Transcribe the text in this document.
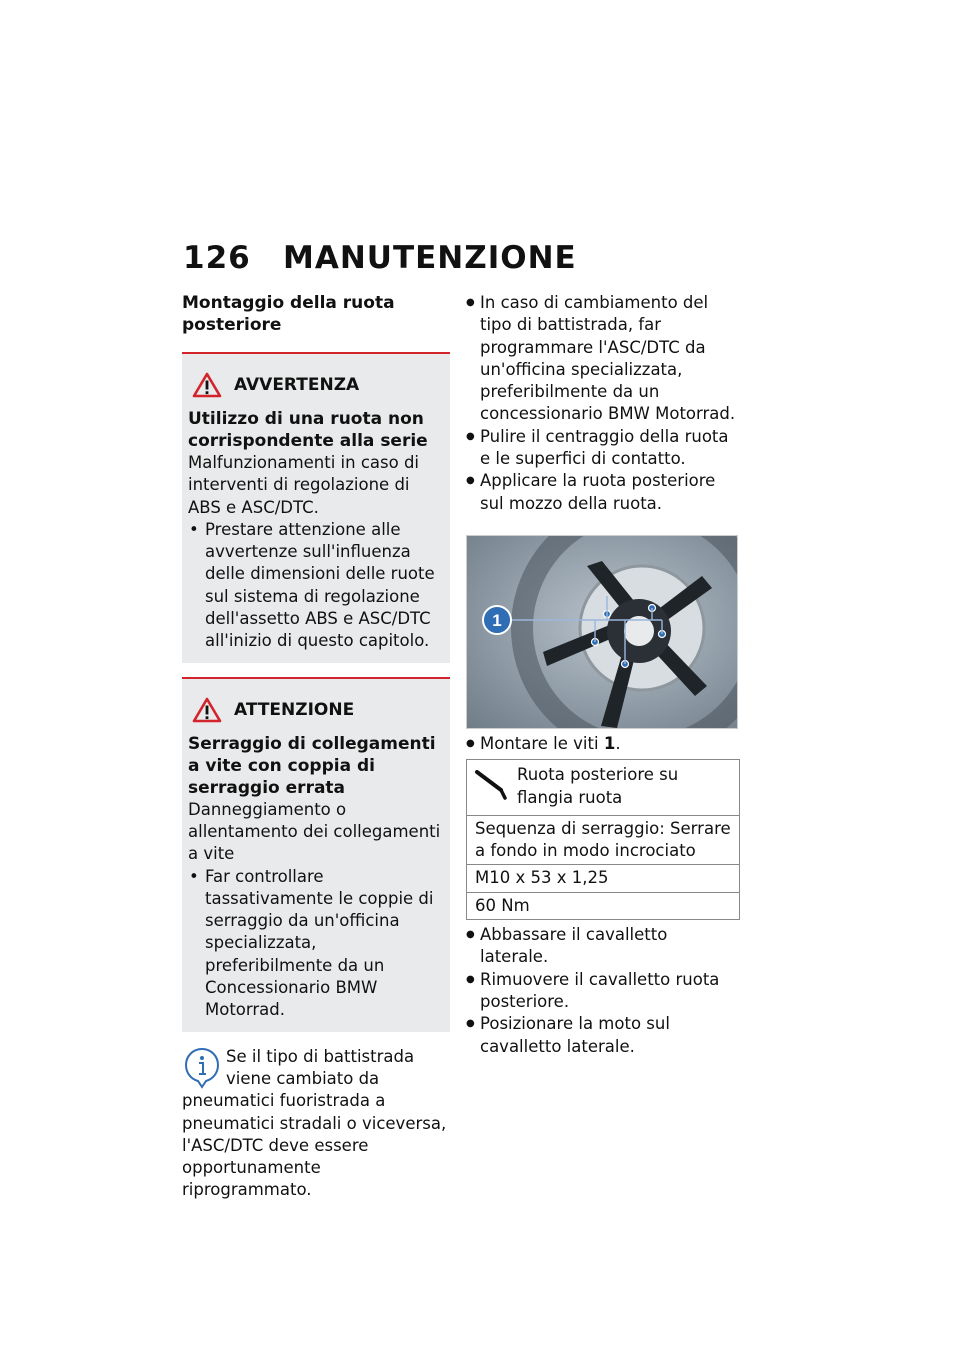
126 MANUTENZIONE
Montaggio della ruota posteriore
AVVERTENZA
Utilizzo di una ruota non corrispondente alla serie
Malfunzionamenti in caso di interventi di regolazione di ABS e ASC/DTC.
• Prestare attenzione alle avvertenze sull'influenza delle dimensioni delle ruote sul sistema di regolazione dell'assetto ABS e ASC/DTC all'inizio di questo capitolo.
ATTENZIONE
Serraggio di collegamenti a vite con coppia di serraggio errata
Danneggiamento o allentamento dei collegamenti a vite
• Far controllare tassativamente le coppie di serraggio da un'officina specializzata, preferibilmente da un Concessionario BMW Motorrad.
Se il tipo di battistrada viene cambiato da pneumatici fuoristrada a pneumatici stradali o viceversa, l'ASC/DTC deve essere opportunamente riprogrammato.
● In caso di cambiamento del tipo di battistrada, far programmare l'ASC/DTC da un'officina specializzata, preferibilmente da un concessionario BMW Motorrad.
● Pulire il centraggio della ruota e le superfici di contatto.
● Applicare la ruota posteriore sul mozzo della ruota.
1
● Montare le viti 1.
Ruota posteriore su flangia ruota
Sequenza di serraggio: Serrare a fondo in modo incrociato
M10 x 53 x 1,25
60 Nm
● Abbassare il cavalletto laterale.
● Rimuovere il cavalletto ruota posteriore.
● Posizionare la moto sul cavalletto laterale.
